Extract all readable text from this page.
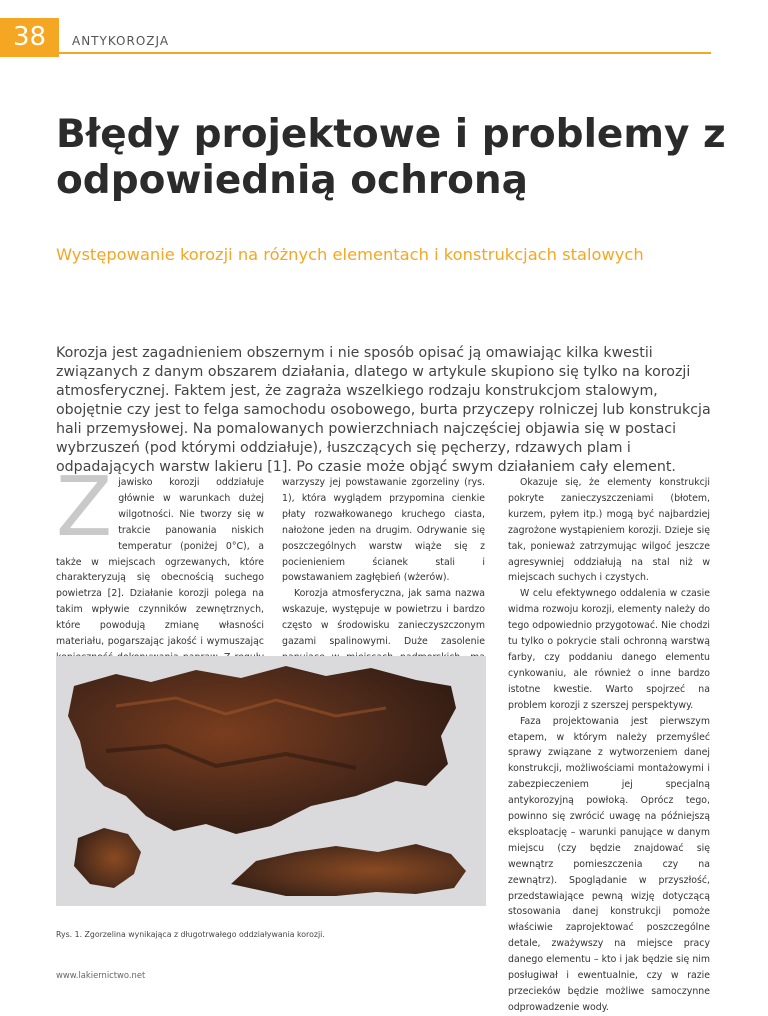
38	ANTYKOROZJA
Błędy projektowe i problemy z odpowiednią ochroną

Występowanie korozji na różnych elementach i konstrukcjach stalowych

Korozja jest zagadnieniem obszernym i nie sposób opisać ją omawiając kilka kwestii związanych z danym obszarem działania, dlatego w artykule skupiono się tylko na korozji atmosferycznej. Faktem jest, że zagraża wszelkiego rodzaju konstrukcjom stalowym, obojętnie czy jest to felga samochodu osobowego, burta przyczepy rolniczej lub konstrukcja hali przemysłowej. Na pomalowanych powierzchniach najczęściej objawia się w postaci wybrzuszeń (pod którymi oddziałuje), łuszczących się pęcherzy, rdzawych plam i odpadających warstw lakieru [1]. Po czasie może objąć swym działaniem cały element.

Z jawisko korozji oddziałuje głównie w warunkach dużej wilgotności. Nie tworzy się w trakcie panowania niskich temperatur (poniżej 0°C), a także w miejscach ogrzewanych, które charakteryzują się obecnością suchego powietrza [2]. Działanie korozji polega na takim wpływie czynników zewnętrznych, które powodują zmianę własności materiału, pogarszając jakość i wymuszając

warzyszy jej powstawanie zgorzeliny (rys. 1), która wyglądem przypomina cienkie płaty rozwałkowanego kruchego ciasta, nałożone jeden na drugim. Odrywanie się poszczególnych warstw wiąże się z pocienieniem ścianek stali i powstawaniem zagłębień (wżerów).

Korozja atmosferyczna, jak sama nazwa wskazuje, występuje w powietrzu i bardzo często w środowisku zanieczyszczonym gazami spalinowymi. Duże zasolenie

Okazuje się, że elementy konstrukcji pokryte zanieczyszczeniami (błotem, kurzem, pyłem itp.) mogą być najbardziej zagrożone wystąpieniem korozji. Dzieje się tak, ponieważ zatrzymując wilgoć jeszcze agresywniej oddziałują na stal niż w miejscach suchych i czystych.

W celu efektywnego oddalenia w czasie widma rozwoju korozji, elementy należy do tego odpowiednio przygotować. Nie chodzi tu tylko o pokrycie stali ochronną warstwą farby, czy poddaniu danego elementu cynkowaniu, ale również o inne bardzo istotne kwestie. Warto spojrzeć na problem korozji z szerszej perspektywy.

Faza projektowania jest pierwszym etapem, w którym należy przemyśleć sprawy związane z wytworzeniem danej konstrukcji, możliwościami montażowymi i zabezpieczeniem jej specjalną antykorozyjną powłoką. Oprócz tego, powinno się zwrócić uwagę na późniejszą eksploatację – warunki panujące w danym miejscu (czy będzie znajdować się wewnątrz pomieszczenia czy na zewnątrz). Spoglądanie w przyszłość, przedstawiające pewną wizję dotyczącą stosowania danej konstrukcji pomoże właściwie zaprojektować poszczególne detale, zważywszy na miejsce pracy danego elementu – kto i jak będzie się nim posługiwał i ewentualnie, czy w razie przecieków będzie możliwe samoczynne odprowadzenie wody.

Rys. 1. Zgorzelina wynikająca z długotrwałego oddziaływania korozji.
www.lakiernictwo.net
